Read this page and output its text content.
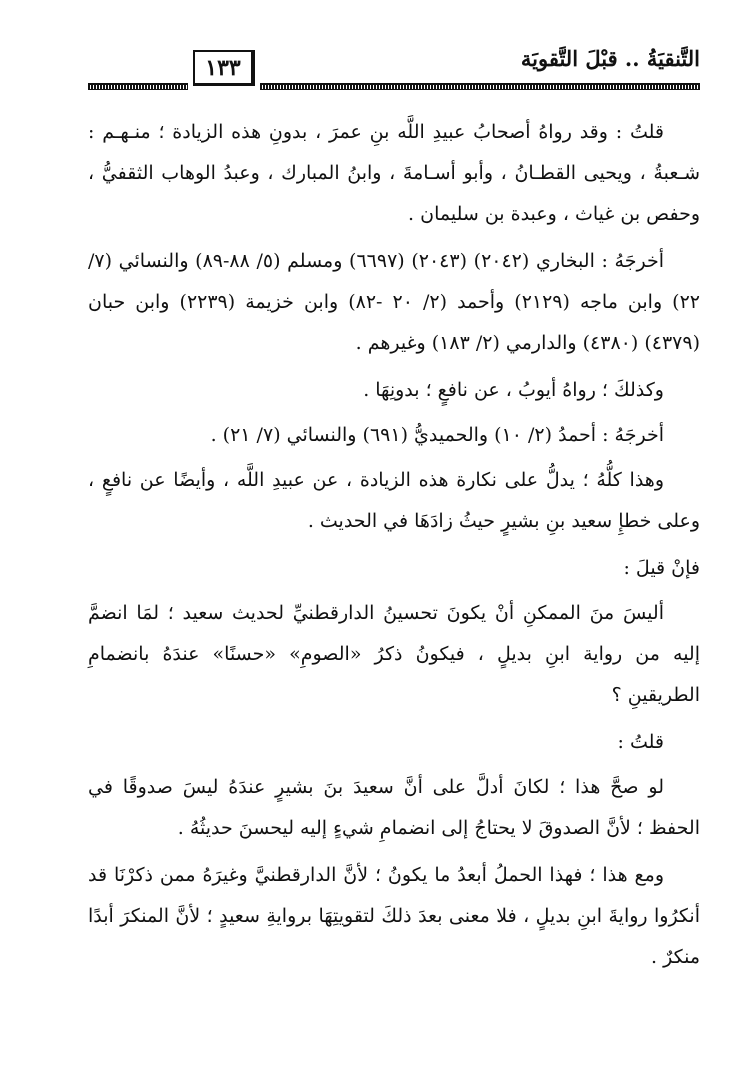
التَّنقيَةُ .. قبْلَ التَّقويَة
١٣٣

قلتُ : وقد رواهُ أصحابُ عبيدِ اللَّه بنِ عمرَ ، بدونِ هذه الزيادة ؛ منـهـم : شـعبةُ ، ويحيى القطـانُ ، وأبو أسـامةَ ، وابنُ المبارك ، وعبدُ الوهاب الثقفيُّ ، وحفص بن غياث ، وعبدة بن سليمان .

أخرجَهُ : البخاري (٢٠٤٢) (٢٠٤٣) (٦٦٩٧) ومسلم (٥/ ٨٨-٨٩) والنسائي (٧/ ٢٢) وابن ماجه (٢١٢٩) وأحمد (٢/ ٢٠ -٨٢) وابن خزيمة (٢٢٣٩) وابن حبان (٤٣٧٩) (٤٣٨٠) والدارمي (٢/ ١٨٣) وغيرهم .

وكذلكَ ؛ رواهُ أيوبُ ، عن نافعٍ ؛ بدونِهَا .

أخرجَهُ : أحمدُ (٢/ ١٠) والحميديُّ (٦٩١) والنسائي (٧/ ٢١) .

وهذا كلُّهُ ؛ يدلُّ على نكارة هذه الزيادة ، عن عبيدِ اللَّه ، وأيضًا عن نافعٍ ، وعلى خطإِ سعيد بنِ بشيرٍ حيثُ زادَهَا في الحديث .

فإنْ قيلَ :

أليسَ منَ الممكنِ أنْ يكونَ تحسينُ الدارقطنيِّ لحديث سعيد ؛ لمَا انضمَّ إليه من رواية ابنِ بديلٍ ، فيكونُ ذكرُ «الصومِ» «حسنًا» عندَهُ بانضمامِ الطريقينِ ؟

قلتُ :

لو صحَّ هذا ؛ لكانَ أدلَّ على أنَّ سعيدَ بنَ بشيرٍ عندَهُ ليسَ صدوقًا في الحفظ ؛ لأنَّ الصدوقَ لا يحتاجُ إلى انضمامِ شيءٍ إليه ليحسنَ حديثُهُ .

ومع هذا ؛ فهذا الحملُ أبعدُ ما يكونُ ؛ لأنَّ الدارقطنيَّ وغيرَهُ ممن ذكرْنَا قد أنكرُوا روايةَ ابنِ بديلٍ ، فلا معنى بعدَ ذلكَ لتقويتِهَا بروايةِ سعيدٍ ؛ لأنَّ المنكرَ أبدًا منكرٌ .
